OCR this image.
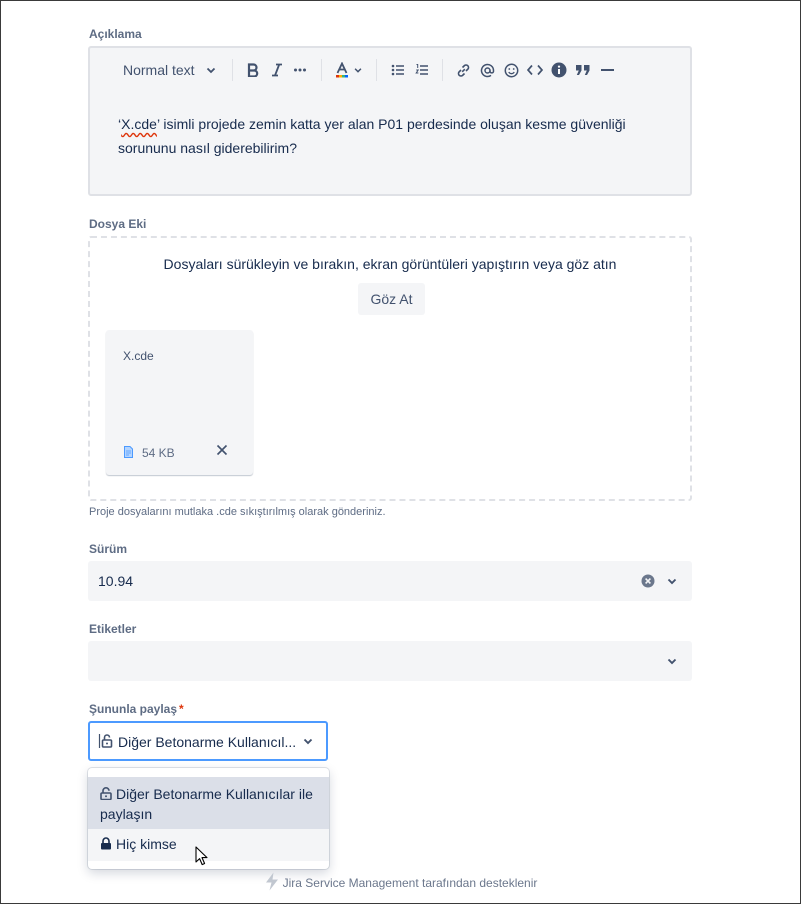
Açıklama
Normal text
‘X.cde’ isimli projede zemin katta yer alan P01 perdesinde oluşan kesme güvenliği sorununu nasıl giderebilirim?
Dosya Eki
Dosyaları sürükleyin ve bırakın, ekran görüntüleri yapıştırın veya göz atın
Göz At
X.cde
54 KB
Proje dosyalarını mutlaka .cde sıkıştırılmış olarak gönderiniz.
Sürüm
10.94
Etiketler
Şununla paylaş *
Diğer Betonarme Kullanıcıl...
Diğer Betonarme Kullanıcılar ile paylaşın
Hiç kimse
Jira Service Management tarafından desteklenir
